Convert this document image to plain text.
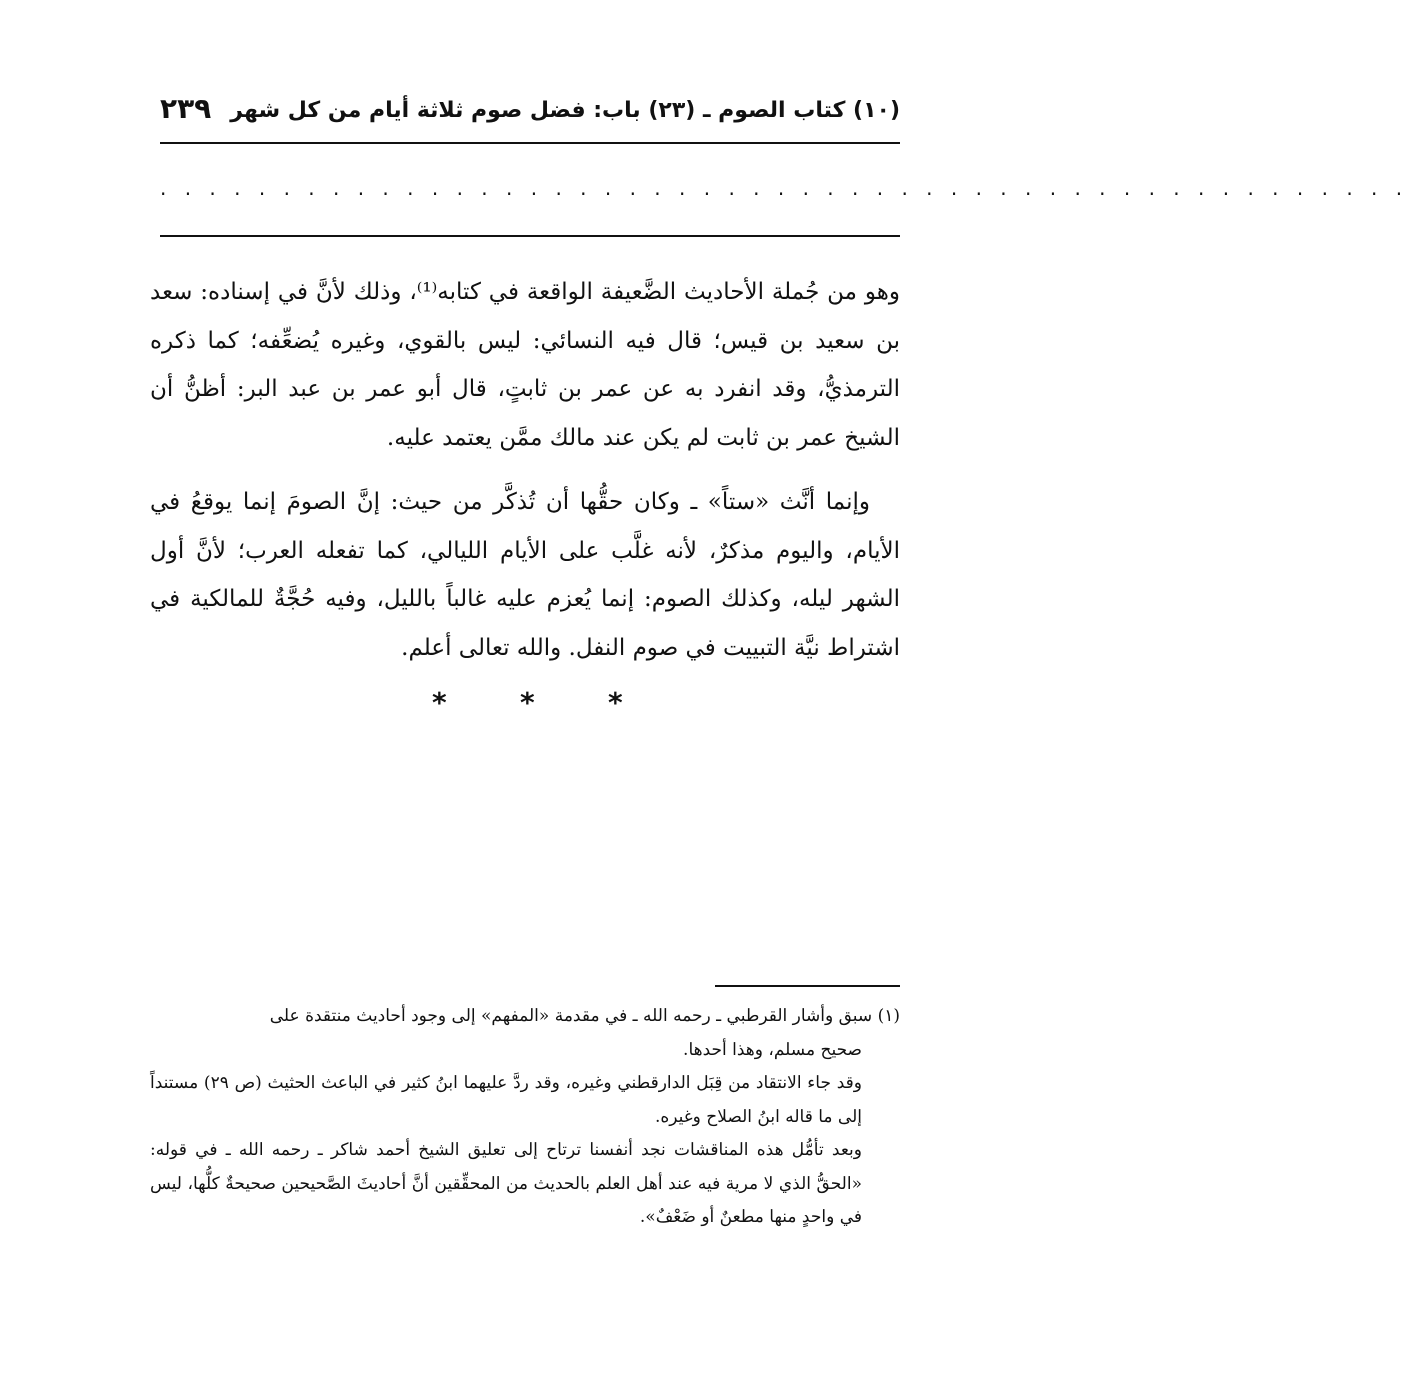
(١٠) كتاب الصوم ـ (٢٣) باب: فضل صوم ثلاثة أيام من كل شهر
٢٣٩
. . . . . . . . . . . . . . . . . . . . . . . . . . . . . . . . . . . . . . . . . . . . . . . . . . .

وهو من جُملة الأحاديث الضَّعيفة الواقعة في كتابه⁽¹⁾، وذلك لأنَّ في إسناده: سعد بن سعيد بن قيس؛ قال فيه النسائي: ليس بالقوي، وغيره يُضعِّفه؛ كما ذكره الترمذيُّ، وقد انفرد به عن عمر بن ثابتٍ، قال أبو عمر بن عبد البر: أظنُّ أن الشيخ عمر بن ثابت لم يكن عند مالك ممَّن يعتمد عليه.

وإنما أنَّث «ستاً» ـ وكان حقُّها أن تُذكَّر من حيث: إنَّ الصومَ إنما يوقعُ في الأيام، واليوم مذكرٌ، لأنه غلَّب على الأيام الليالي، كما تفعله العرب؛ لأنَّ أول الشهر ليله، وكذلك الصوم: إنما يُعزم عليه غالباً بالليل، وفيه حُجَّةٌ للمالكية في اشتراط نيَّة التبييت في صوم النفل. والله تعالى أعلم.

*	*	*

(١) سبق وأشار القرطبي ـ رحمه الله ـ في مقدمة «المفهم» إلى وجود أحاديث منتقدة على

صحيح مسلم، وهذا أحدها.

وقد جاء الانتقاد من قِبَل الدارقطني وغيره، وقد ردَّ عليهما ابنُ كثير في الباعث الحثيث (ص ٢٩) مستنداً إلى ما قاله ابنُ الصلاح وغيره.

وبعد تأمُّل هذه المناقشات نجد أنفسنا ترتاح إلى تعليق الشيخ أحمد شاكر ـ رحمه الله ـ في قوله: «الحقُّ الذي لا مرية فيه عند أهل العلم بالحديث من المحقِّقين أنَّ أحاديثَ الصَّحيحين صحيحةٌ كلُّها، ليس في واحدٍ منها مطعنٌ أو ضَعْفٌ».
